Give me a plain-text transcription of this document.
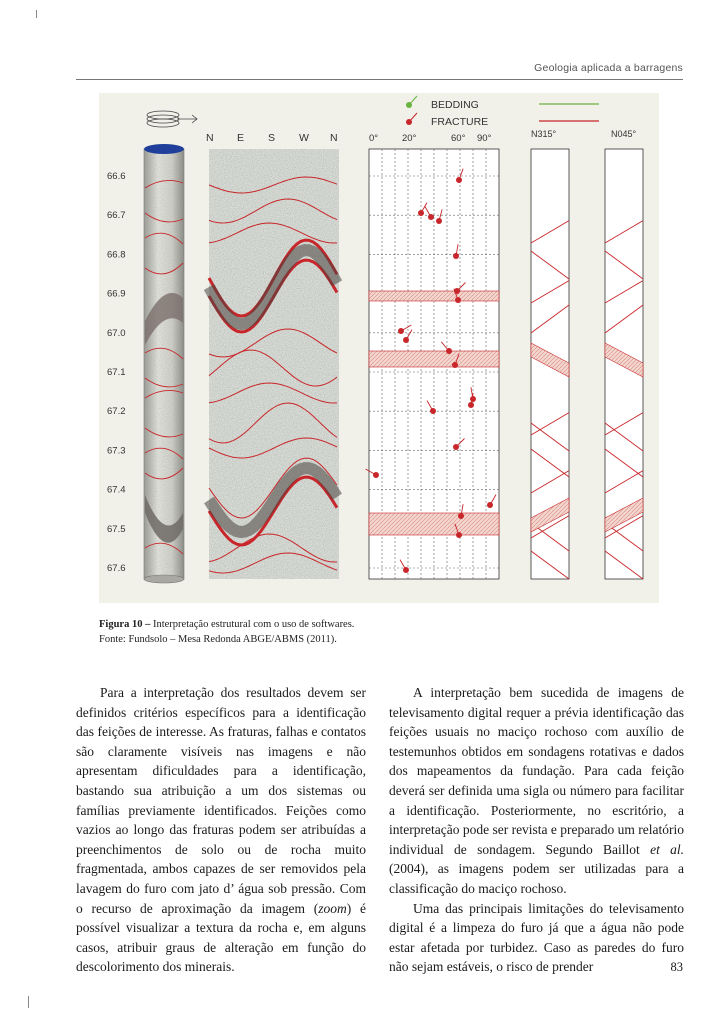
Geologia aplicada a barragens
66.6
66.7
66.8
66.9
67.0
67.1
67.2
67.3
67.4
67.5
67.6
N E S W N	0°	20°	60° 90°
BEDDING
FRACTURE
N315°	N045°
Figura 10 – Interpretação estrutural com o uso de softwares.
Fonte: Fundsolo – Mesa Redonda ABGE/ABMS (2011).

Para a interpretação dos resultados devem ser definidos critérios específicos para a identificação das feições de interesse. As fraturas, falhas e contatos são claramente visíveis nas imagens e não apresentam dificuldades para a identificação, bastando sua atribuição a um dos sistemas ou famílias previamente identificados. Feições como vazios ao longo das fraturas podem ser atribuídas a preenchimentos de solo ou de rocha muito fragmentada, ambos capazes de ser removidos pela lavagem do furo com jato d’ água sob pressão. Com o recurso de aproximação da imagem (zoom) é possível visualizar a textura da rocha e, em alguns casos, atribuir graus de alteração em função do descolorimento dos minerais.

A interpretação bem sucedida de imagens de televisamento digital requer a prévia identificação das feições usuais no maciço rochoso com auxílio de testemunhos obtidos em sondagens rotativas e dados dos mapeamentos da fundação. Para cada feição deverá ser definida uma sigla ou número para facilitar a identificação. Posteriormente, no escritório, a interpretação pode ser revista e preparado um relatório individual de sondagem. Segundo Baillot et al. (2004), as imagens podem ser utilizadas para a classificação do maciço rochoso.

Uma das principais limitações do televisamento digital é a limpeza do furo já que a água não pode estar afetada por turbidez. Caso as paredes do furo não sejam estáveis, o risco de prender	83
